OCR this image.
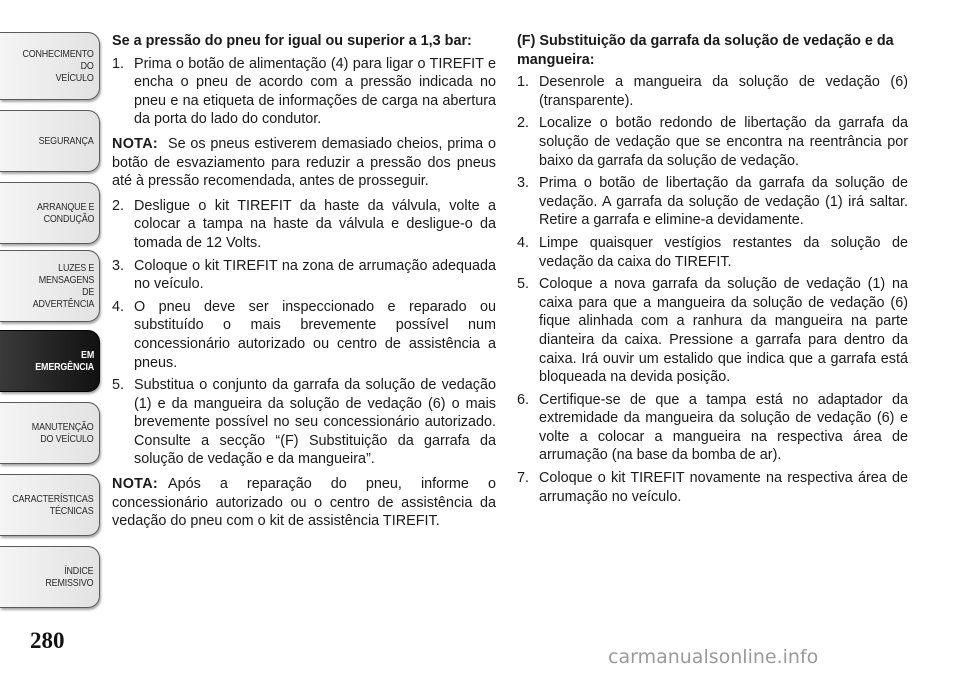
CONHECIMENTO
DO
VEÍCULO
SEGURANÇA
ARRANQUE E
CONDUÇÃO
LUZES E
MENSAGENS
DE
ADVERTÊNCIA
EM
EMERGÊNCIA
MANUTENÇÃO
DO VEÍCULO
CARACTERÍSTICAS
TÉCNICAS
ÍNDICE
REMISSIVO
280

Se a pressão do pneu for igual ou superior a 1,3 bar:

1. Prima o botão de alimentação (4) para ligar o TIREFIT e encha o pneu de acordo com a pressão indicada no pneu e na etiqueta de informações de carga na abertura da porta do lado do condutor.

NOTA: Se os pneus estiverem demasiado cheios, prima o botão de esvaziamento para reduzir a pressão dos pneus até à pressão recomendada, antes de prosseguir.

2. Desligue o kit TIREFIT da haste da válvula, volte a colocar a tampa na haste da válvula e desligue-o da tomada de 12 Volts.
3. Coloque o kit TIREFIT na zona de arrumação adequada no veículo.
4. O pneu deve ser inspeccionado e reparado ou substituído o mais brevemente possível num concessionário autorizado ou centro de assistência a pneus.
5. Substitua o conjunto da garrafa da solução de vedação (1) e da mangueira da solução de vedação (6) o mais brevemente possível no seu concessionário autorizado. Consulte a secção “(F) Substituição da garrafa da solução de vedação e da mangueira”.

NOTA: Após a reparação do pneu, informe o concessionário autorizado ou o centro de assistência da vedação do pneu com o kit de assistência TIREFIT.

(F) Substituição da garrafa da solução de vedação e da mangueira:

1. Desenrole a mangueira da solução de vedação (6) (transparente).
2. Localize o botão redondo de libertação da garrafa da solução de vedação que se encontra na reentrância por baixo da garrafa da solução de vedação.
3. Prima o botão de libertação da garrafa da solução de vedação. A garrafa da solução de vedação (1) irá saltar. Retire a garrafa e elimine-a devidamente.
4. Limpe quaisquer vestígios restantes da solução de vedação da caixa do TIREFIT.
5. Coloque a nova garrafa da solução de vedação (1) na caixa para que a mangueira da solução de vedação (6) fique alinhada com a ranhura da mangueira na parte dianteira da caixa. Pressione a garrafa para dentro da caixa. Irá ouvir um estalido que indica que a garrafa está bloqueada na devida posição.
6. Certifique-se de que a tampa está no adaptador da extremidade da mangueira da solução de vedação (6) e volte a colocar a mangueira na respectiva área de arrumação (na base da bomba de ar).
7. Coloque o kit TIREFIT novamente na respectiva área de arrumação no veículo.
carmanualsonline.info
